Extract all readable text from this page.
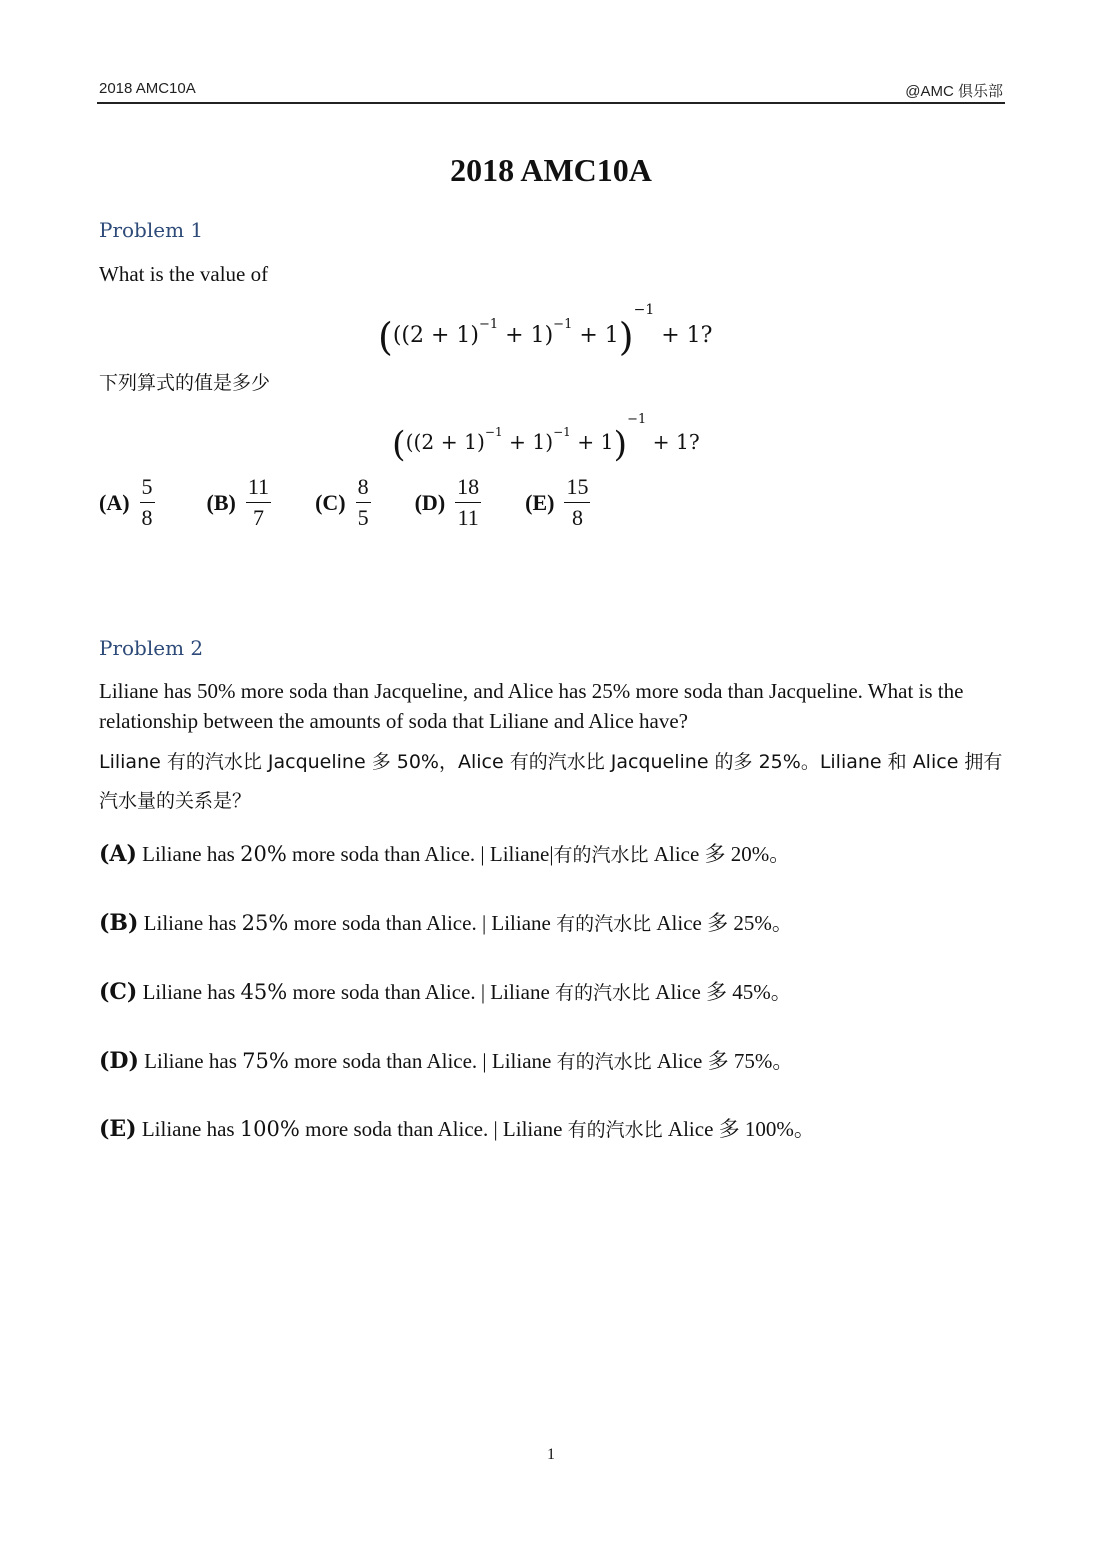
2018 AMC10A	@AMC 俱乐部
2018 AMC10A
Problem 1
What is the value of
$(((2 + 1)^{-1} + 1)^{-1} + 1)-1 + 1$?
下列算式的值是多少
$(((2 + 1)^{-1} + 1)^{-1} + 1)-1 + 1$?
$(A) \frac{5}{8} (B) \frac{11}{7} (C) \frac{8}{5} (D) \frac{18}{11} (E) \frac{15}{8}$
Problem 2
Liliane has 50% more soda than Jacqueline, and Alice has 25% more soda than Jacqueline. What is the relationship between the amounts of soda that Liliane and Alice have?
Liliane 有的汽水比 Jacqueline 多 50%，Alice 有的汽水比 Jacqueline 的多 25%。Liliane 和 Alice 拥有汽水量的关系是？
(A) Liliane has 20% more soda than Alice. | Liliane|有的汽水比 Alice 多 20%。
(B) Liliane has 25% more soda than Alice. | Liliane 有的汽水比 Alice 多 25%。
(C) Liliane has 45% more soda than Alice. | Liliane 有的汽水比 Alice 多 45%。
(D) Liliane has 75% more soda than Alice. | Liliane 有的汽水比 Alice 多 75%。
(E) Liliane has 100% more soda than Alice. | Liliane 有的汽水比 Alice 多 100%。
1
